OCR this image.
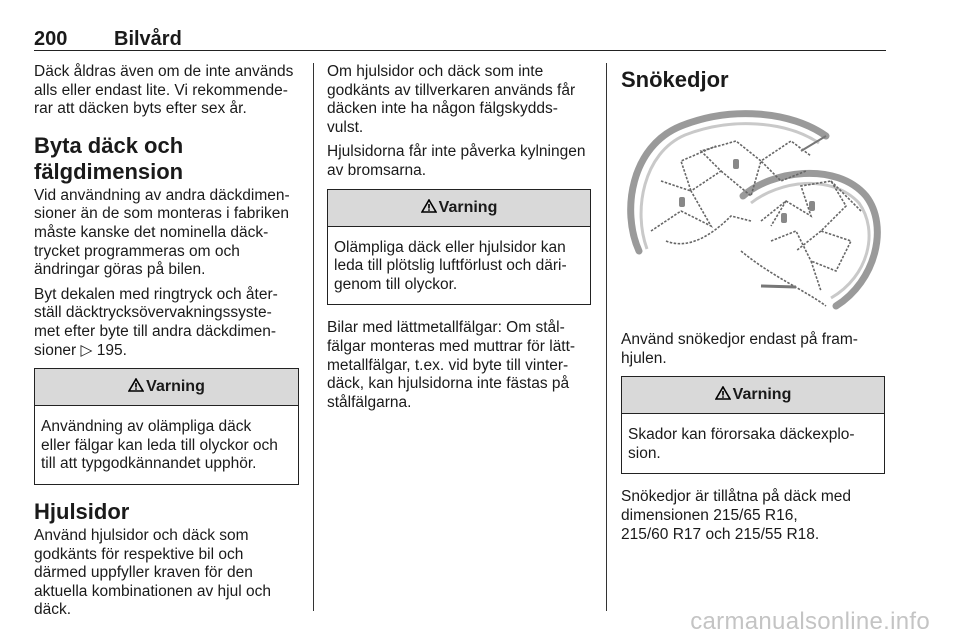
200 Bilvård

Däck åldras även om de inte används
alls eller endast lite. Vi rekommende-
rar att däcken byts efter sex år.

Byta däck och
fälgdimension

Vid användning av andra däckdimen-
sioner än de som monteras i fabriken
måste kanske det nominella däck-
trycket programmeras om och
ändringar göras på bilen.

Byt dekalen med ringtryck och åter-
ställ däcktrycksövervakningssyste-
met efter byte till andra däckdimen-
sioner ▷ 195.

Varning
Användning av olämpliga däck
eller fälgar kan leda till olyckor och
till att typgodkännandet upphör.
Hjulsidor

Använd hjulsidor och däck som
godkänts för respektive bil och
därmed uppfyller kraven för den
aktuella kombinationen av hjul och
däck.

Om hjulsidor och däck som inte
godkänts av tillverkaren används får
däcken inte ha någon fälgskydds-
vulst.

Hjulsidorna får inte påverka kylningen
av bromsarna.

Varning
Olämpliga däck eller hjulsidor kan
leda till plötslig luftförlust och däri-
genom till olyckor.

Bilar med lättmetallfälgar: Om stål-
fälgar monteras med muttrar för lätt-
metallfälgar, t.ex. vid byte till vinter-
däck, kan hjulsidorna inte fästas på
stålfälgarna.

Snökedjor

Använd snökedjor endast på fram-
hjulen.

Varning
Skador kan förorsaka däckexplo-
sion.

Snökedjor är tillåtna på däck med
dimensionen 215/65 R16,
215/60 R17 och 215/55 R18.

carmanualsonline.info
